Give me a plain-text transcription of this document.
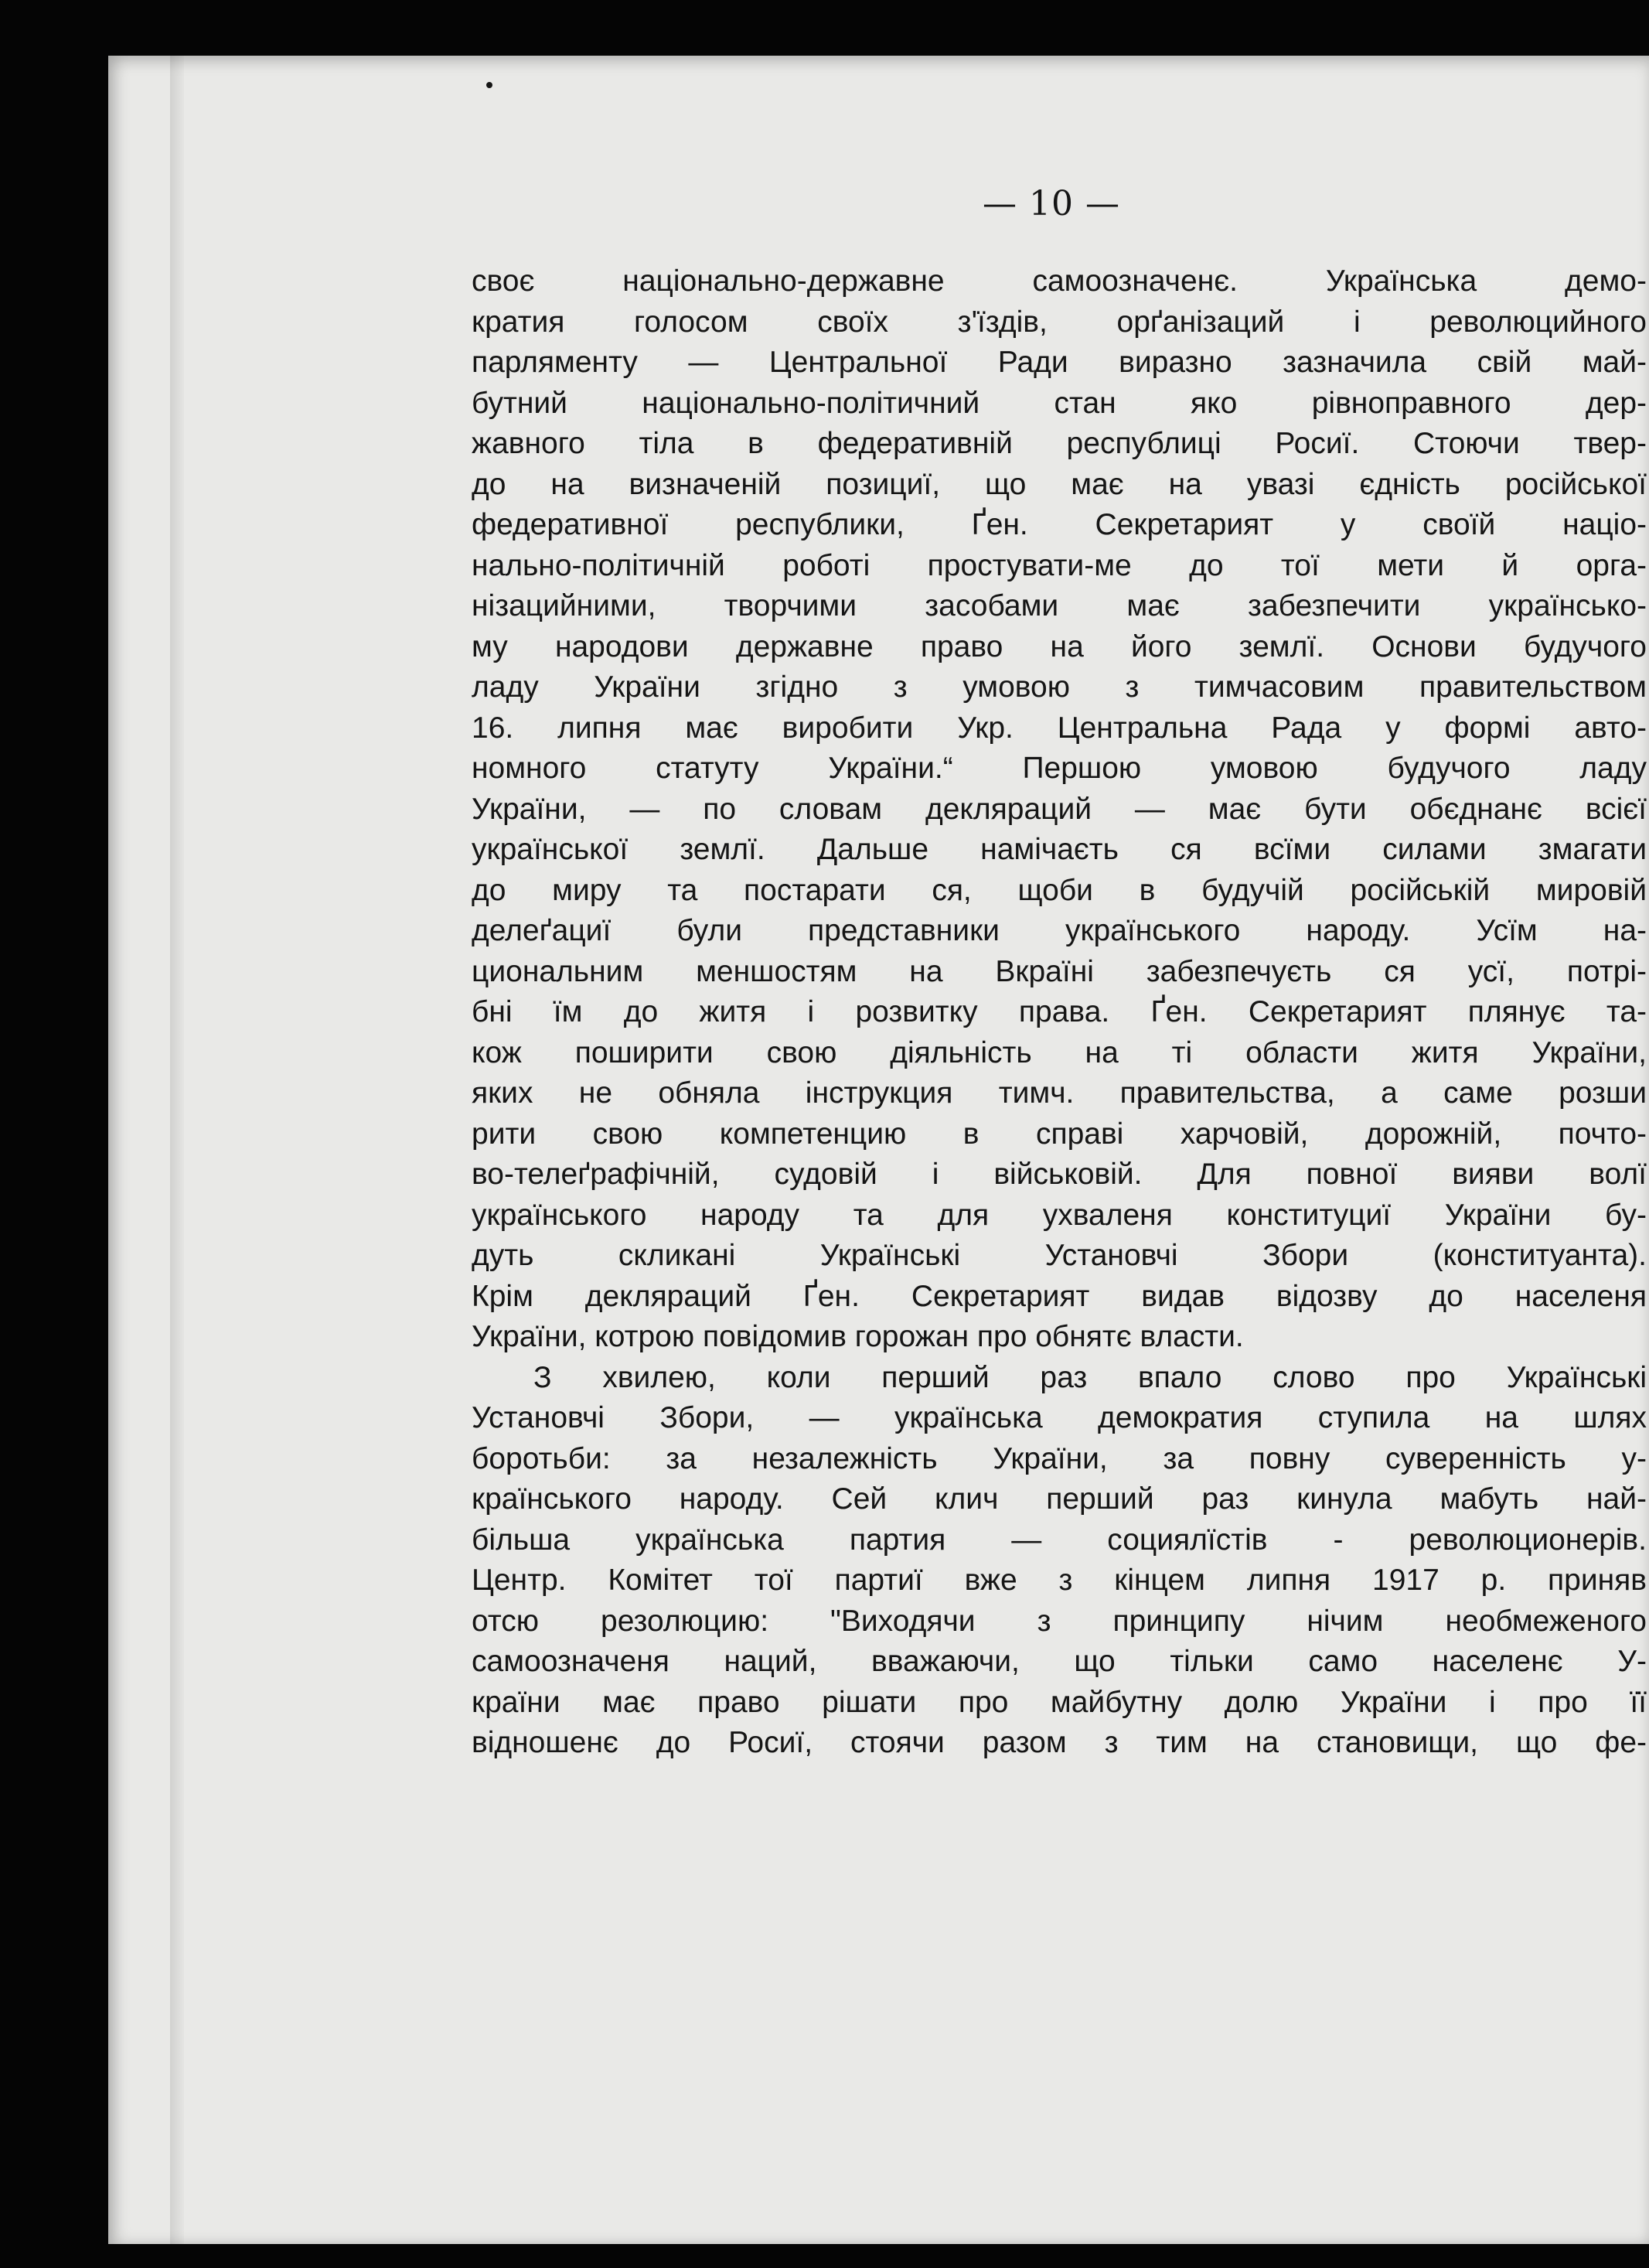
— 10 —
своє національно-державне самоозначенє. Українська демо-
кратия голосом своїх з'їздів, орґанізаций і революцийного
парляменту — Центральної Ради виразно зазначила свій май-
бутний національно-політичний стан яко рівноправного дер-
жавного тіла в федеративній республиці Росиї. Стоючи твер-
до на визначеній позициї, що має на увазі єдність російської
федеративної республики, Ґен. Секретарият у своїй націо-
нально-політичній роботі простувати-ме до тої мети й орга-
нізацийними, творчими засобами має забезпечити українсько-
му народови державне право на його землї. Основи будучого
ладу України згідно з умовою з тимчасовим правительством
16. липня має виробити Укр. Центральна Рада у формі авто-
номного статуту України.“ Першою умовою будучого ладу
України, — по словам декляраций — має бути обєднанє всієї
української землї. Дальше намічаєть ся всїми силами змагати
до миру та постарати ся, щоби в будучій російській мировій
делеґациї були представники українського народу. Усїм на-
циональним меншостям на Вкраїні забезпечуєть ся усї, потрі-
бні їм до житя і розвитку права. Ґен. Секретарият плянує та-
кож поширити свою діяльність на ті области житя України,
яких не обняла інструкция тимч. правительства, а саме розши
рити свою компетенцию в справі харчовій, дорожній, почто-
во-телеґрафічній, судовій і військовій. Для повної вияви волї
українського народу та для ухваленя конституциї України бу-
дуть скликані Українські Установчі Збори (конституанта).
Крім декляраций Ґен. Секретарият видав відозву до населеня
України, котрою повідомив горожан про обнятє власти.
З хвилею, коли перший раз впало слово про Українські
Установчі Збори, — українська демократия ступила на шлях
боротьби: за незалежність України, за повну суверенність у-
країнського народу. Сей клич перший раз кинула мабуть най-
більша українська партия — социялїстів - революционерів.
Центр. Комітет тої партиї вже з кінцем липня 1917 р. приняв
отсю резолюцию: "Виходячи з принципу нічим необмеженого
самоозначеня наций, вважаючи, що тільки само населенє У-
країни має право рішати про майбутну долю України і про її
відношенє до Росиї, стоячи разом з тим на становищи, що фе-
